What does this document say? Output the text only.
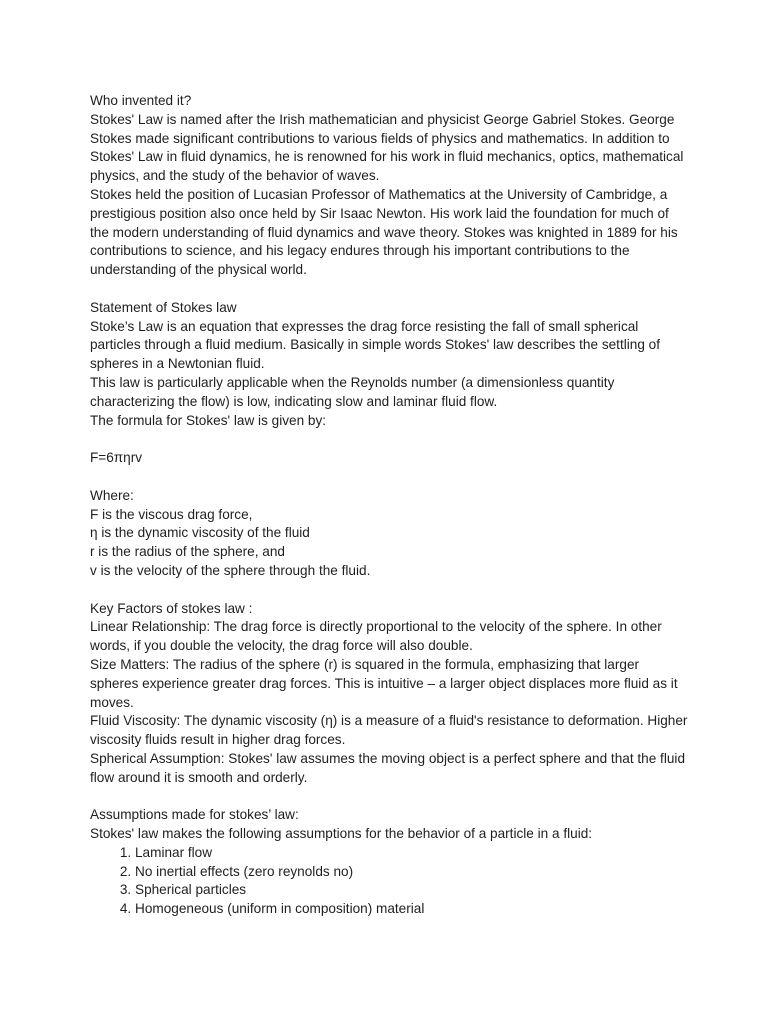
Who invented it?

Stokes' Law is named after the Irish mathematician and physicist George Gabriel Stokes. George Stokes made significant contributions to various fields of physics and mathematics. In addition to Stokes' Law in fluid dynamics, he is renowned for his work in fluid mechanics, optics, mathematical physics, and the study of the behavior of waves.

Stokes held the position of Lucasian Professor of Mathematics at the University of Cambridge, a prestigious position also once held by Sir Isaac Newton. His work laid the foundation for much of the modern understanding of fluid dynamics and wave theory. Stokes was knighted in 1889 for his contributions to science, and his legacy endures through his important contributions to the understanding of the physical world.

Statement of Stokes law

Stoke’s Law is an equation that expresses the drag force resisting the fall of small spherical particles through a fluid medium. Basically in simple words Stokes' law describes the settling of spheres in a Newtonian fluid.

This law is particularly applicable when the Reynolds number (a dimensionless quantity characterizing the flow) is low, indicating slow and laminar fluid flow.

The formula for Stokes' law is given by:

F=6πηrv

Where:

F is the viscous drag force,

η is the dynamic viscosity of the fluid

r is the radius of the sphere, and

v is the velocity of the sphere through the fluid.

Key Factors of stokes law :

Linear Relationship: The drag force is directly proportional to the velocity of the sphere. In other words, if you double the velocity, the drag force will also double.

Size Matters: The radius of the sphere (r) is squared in the formula, emphasizing that larger spheres experience greater drag forces. This is intuitive – a larger object displaces more fluid as it moves.

Fluid Viscosity: The dynamic viscosity (η) is a measure of a fluid's resistance to deformation. Higher viscosity fluids result in higher drag forces.

Spherical Assumption: Stokes' law assumes the moving object is a perfect sphere and that the fluid flow around it is smooth and orderly.

Assumptions made for stokes’ law:

Stokes' law makes the following assumptions for the behavior of a particle in a fluid:

1. Laminar flow
2. No inertial effects (zero reynolds no)
3. Spherical particles
4. Homogeneous (uniform in composition) material
